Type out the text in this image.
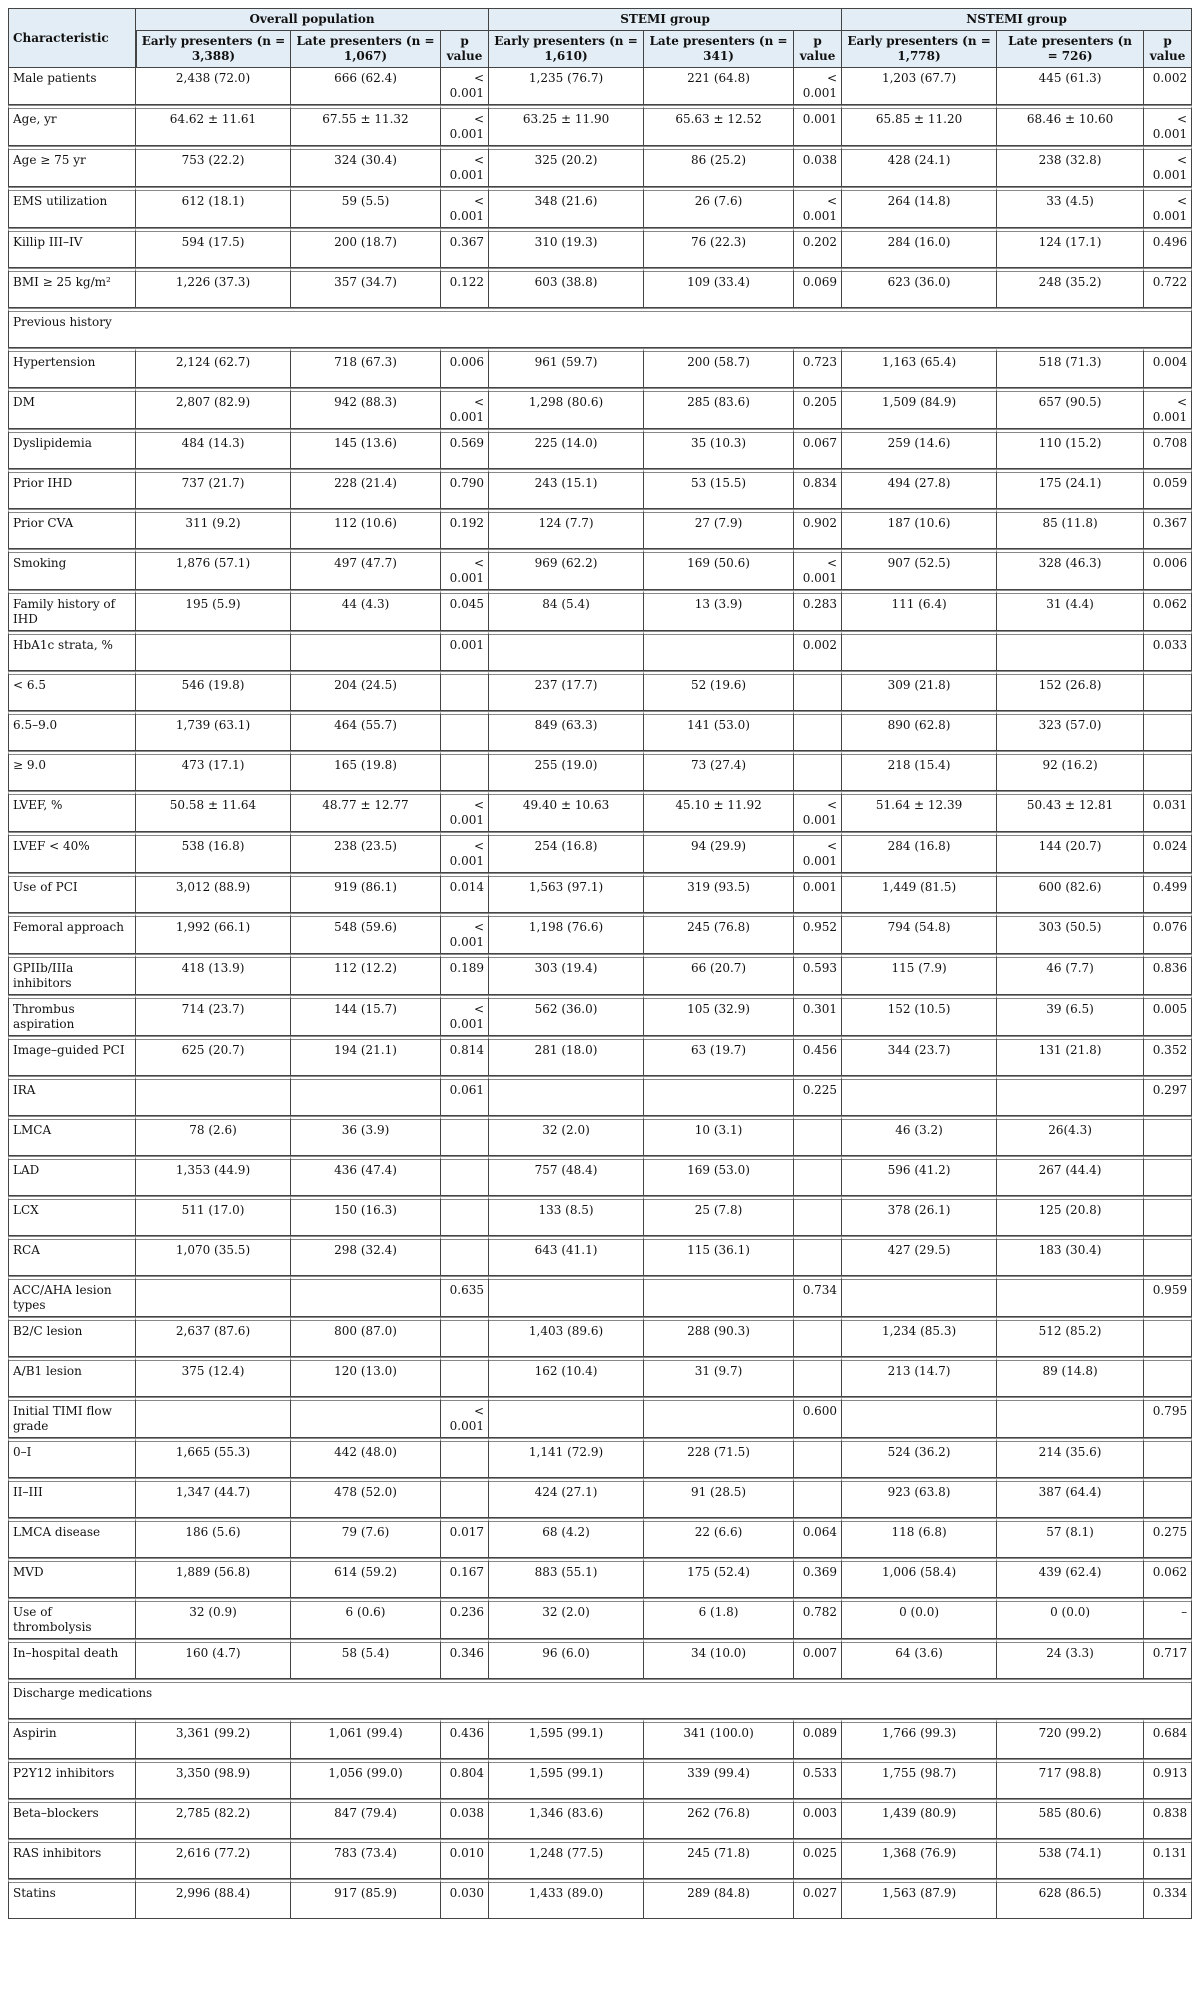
Characteristic	Overall population			STEMI group			NSTEMI group		
	Early presenters (n = 3,388)	Late presenters (n = 1,067)	p value	Early presenters (n = 1,610)	Late presenters (n = 341)	p value	Early presenters (n = 1,778)	Late presenters (n = 726)	p value
Male patients	2,438 (72.0)	666 (62.4)	< 0.001	1,235 (76.7)	221 (64.8)	< 0.001	1,203 (67.7)	445 (61.3)	0.002
Age, yr	64.62 ± 11.61	67.55 ± 11.32	< 0.001	63.25 ± 11.90	65.63 ± 12.52	0.001	65.85 ± 11.20	68.46 ± 10.60	< 0.001
Age ≥ 75 yr	753 (22.2)	324 (30.4)	< 0.001	325 (20.2)	86 (25.2)	0.038	428 (24.1)	238 (32.8)	< 0.001
EMS utilization	612 (18.1)	59 (5.5)	< 0.001	348 (21.6)	26 (7.6)	< 0.001	264 (14.8)	33 (4.5)	< 0.001
Killip III–IV	594 (17.5)	200 (18.7)	0.367	310 (19.3)	76 (22.3)	0.202	284 (16.0)	124 (17.1)	0.496
BMI ≥ 25 kg/m²	1,226 (37.3)	357 (34.7)	0.122	603 (38.8)	109 (33.4)	0.069	623 (36.0)	248 (35.2)	0.722
Previous history									
Hypertension	2,124 (62.7)	718 (67.3)	0.006	961 (59.7)	200 (58.7)	0.723	1,163 (65.4)	518 (71.3)	0.004
DM	2,807 (82.9)	942 (88.3)	< 0.001	1,298 (80.6)	285 (83.6)	0.205	1,509 (84.9)	657 (90.5)	< 0.001
Dyslipidemia	484 (14.3)	145 (13.6)	0.569	225 (14.0)	35 (10.3)	0.067	259 (14.6)	110 (15.2)	0.708
Prior IHD	737 (21.7)	228 (21.4)	0.790	243 (15.1)	53 (15.5)	0.834	494 (27.8)	175 (24.1)	0.059
Prior CVA	311 (9.2)	112 (10.6)	0.192	124 (7.7)	27 (7.9)	0.902	187 (10.6)	85 (11.8)	0.367
Smoking	1,876 (57.1)	497 (47.7)	< 0.001	969 (62.2)	169 (50.6)	< 0.001	907 (52.5)	328 (46.3)	0.006
Family history of IHD	195 (5.9)	44 (4.3)	0.045	84 (5.4)	13 (3.9)	0.283	111 (6.4)	31 (4.4)	0.062
HbA1c strata, %			0.001			0.002			0.033
< 6.5	546 (19.8)	204 (24.5)		237 (17.7)	52 (19.6)		309 (21.8)	152 (26.8)	
6.5–9.0	1,739 (63.1)	464 (55.7)		849 (63.3)	141 (53.0)		890 (62.8)	323 (57.0)	
≥ 9.0	473 (17.1)	165 (19.8)		255 (19.0)	73 (27.4)		218 (15.4)	92 (16.2)	
LVEF, %	50.58 ± 11.64	48.77 ± 12.77	< 0.001	49.40 ± 10.63	45.10 ± 11.92	< 0.001	51.64 ± 12.39	50.43 ± 12.81	0.031
LVEF < 40%	538 (16.8)	238 (23.5)	< 0.001	254 (16.8)	94 (29.9)	< 0.001	284 (16.8)	144 (20.7)	0.024
Use of PCI	3,012 (88.9)	919 (86.1)	0.014	1,563 (97.1)	319 (93.5)	0.001	1,449 (81.5)	600 (82.6)	0.499
Femoral approach	1,992 (66.1)	548 (59.6)	< 0.001	1,198 (76.6)	245 (76.8)	0.952	794 (54.8)	303 (50.5)	0.076
GPIIb/IIIa inhibitors	418 (13.9)	112 (12.2)	0.189	303 (19.4)	66 (20.7)	0.593	115 (7.9)	46 (7.7)	0.836
Thrombus aspiration	714 (23.7)	144 (15.7)	< 0.001	562 (36.0)	105 (32.9)	0.301	152 (10.5)	39 (6.5)	0.005
Image–guided PCI	625 (20.7)	194 (21.1)	0.814	281 (18.0)	63 (19.7)	0.456	344 (23.7)	131 (21.8)	0.352
IRA			0.061			0.225			0.297
LMCA	78 (2.6)	36 (3.9)		32 (2.0)	10 (3.1)		46 (3.2)	26(4.3)	
LAD	1,353 (44.9)	436 (47.4)		757 (48.4)	169 (53.0)		596 (41.2)	267 (44.4)	
LCX	511 (17.0)	150 (16.3)		133 (8.5)	25 (7.8)		378 (26.1)	125 (20.8)	
RCA	1,070 (35.5)	298 (32.4)		643 (41.1)	115 (36.1)		427 (29.5)	183 (30.4)	
ACC/AHA lesion types			0.635			0.734			0.959
B2/C lesion	2,637 (87.6)	800 (87.0)		1,403 (89.6)	288 (90.3)		1,234 (85.3)	512 (85.2)	
A/B1 lesion	375 (12.4)	120 (13.0)		162 (10.4)	31 (9.7)		213 (14.7)	89 (14.8)	
Initial TIMI flow grade			< 0.001			0.600			0.795
0–I	1,665 (55.3)	442 (48.0)		1,141 (72.9)	228 (71.5)		524 (36.2)	214 (35.6)	
II–III	1,347 (44.7)	478 (52.0)		424 (27.1)	91 (28.5)		923 (63.8)	387 (64.4)	
LMCA disease	186 (5.6)	79 (7.6)	0.017	68 (4.2)	22 (6.6)	0.064	118 (6.8)	57 (8.1)	0.275
MVD	1,889 (56.8)	614 (59.2)	0.167	883 (55.1)	175 (52.4)	0.369	1,006 (58.4)	439 (62.4)	0.062
Use of thrombolysis	32 (0.9)	6 (0.6)	0.236	32 (2.0)	6 (1.8)	0.782	0 (0.0)	0 (0.0)	–
In–hospital death	160 (4.7)	58 (5.4)	0.346	96 (6.0)	34 (10.0)	0.007	64 (3.6)	24 (3.3)	0.717
Discharge medications									
Aspirin	3,361 (99.2)	1,061 (99.4)	0.436	1,595 (99.1)	341 (100.0)	0.089	1,766 (99.3)	720 (99.2)	0.684
P2Y12 inhibitors	3,350 (98.9)	1,056 (99.0)	0.804	1,595 (99.1)	339 (99.4)	0.533	1,755 (98.7)	717 (98.8)	0.913
Beta–blockers	2,785 (82.2)	847 (79.4)	0.038	1,346 (83.6)	262 (76.8)	0.003	1,439 (80.9)	585 (80.6)	0.838
RAS inhibitors	2,616 (77.2)	783 (73.4)	0.010	1,248 (77.5)	245 (71.8)	0.025	1,368 (76.9)	538 (74.1)	0.131
Statins	2,996 (88.4)	917 (85.9)	0.030	1,433 (89.0)	289 (84.8)	0.027	1,563 (87.9)	628 (86.5)	0.334
